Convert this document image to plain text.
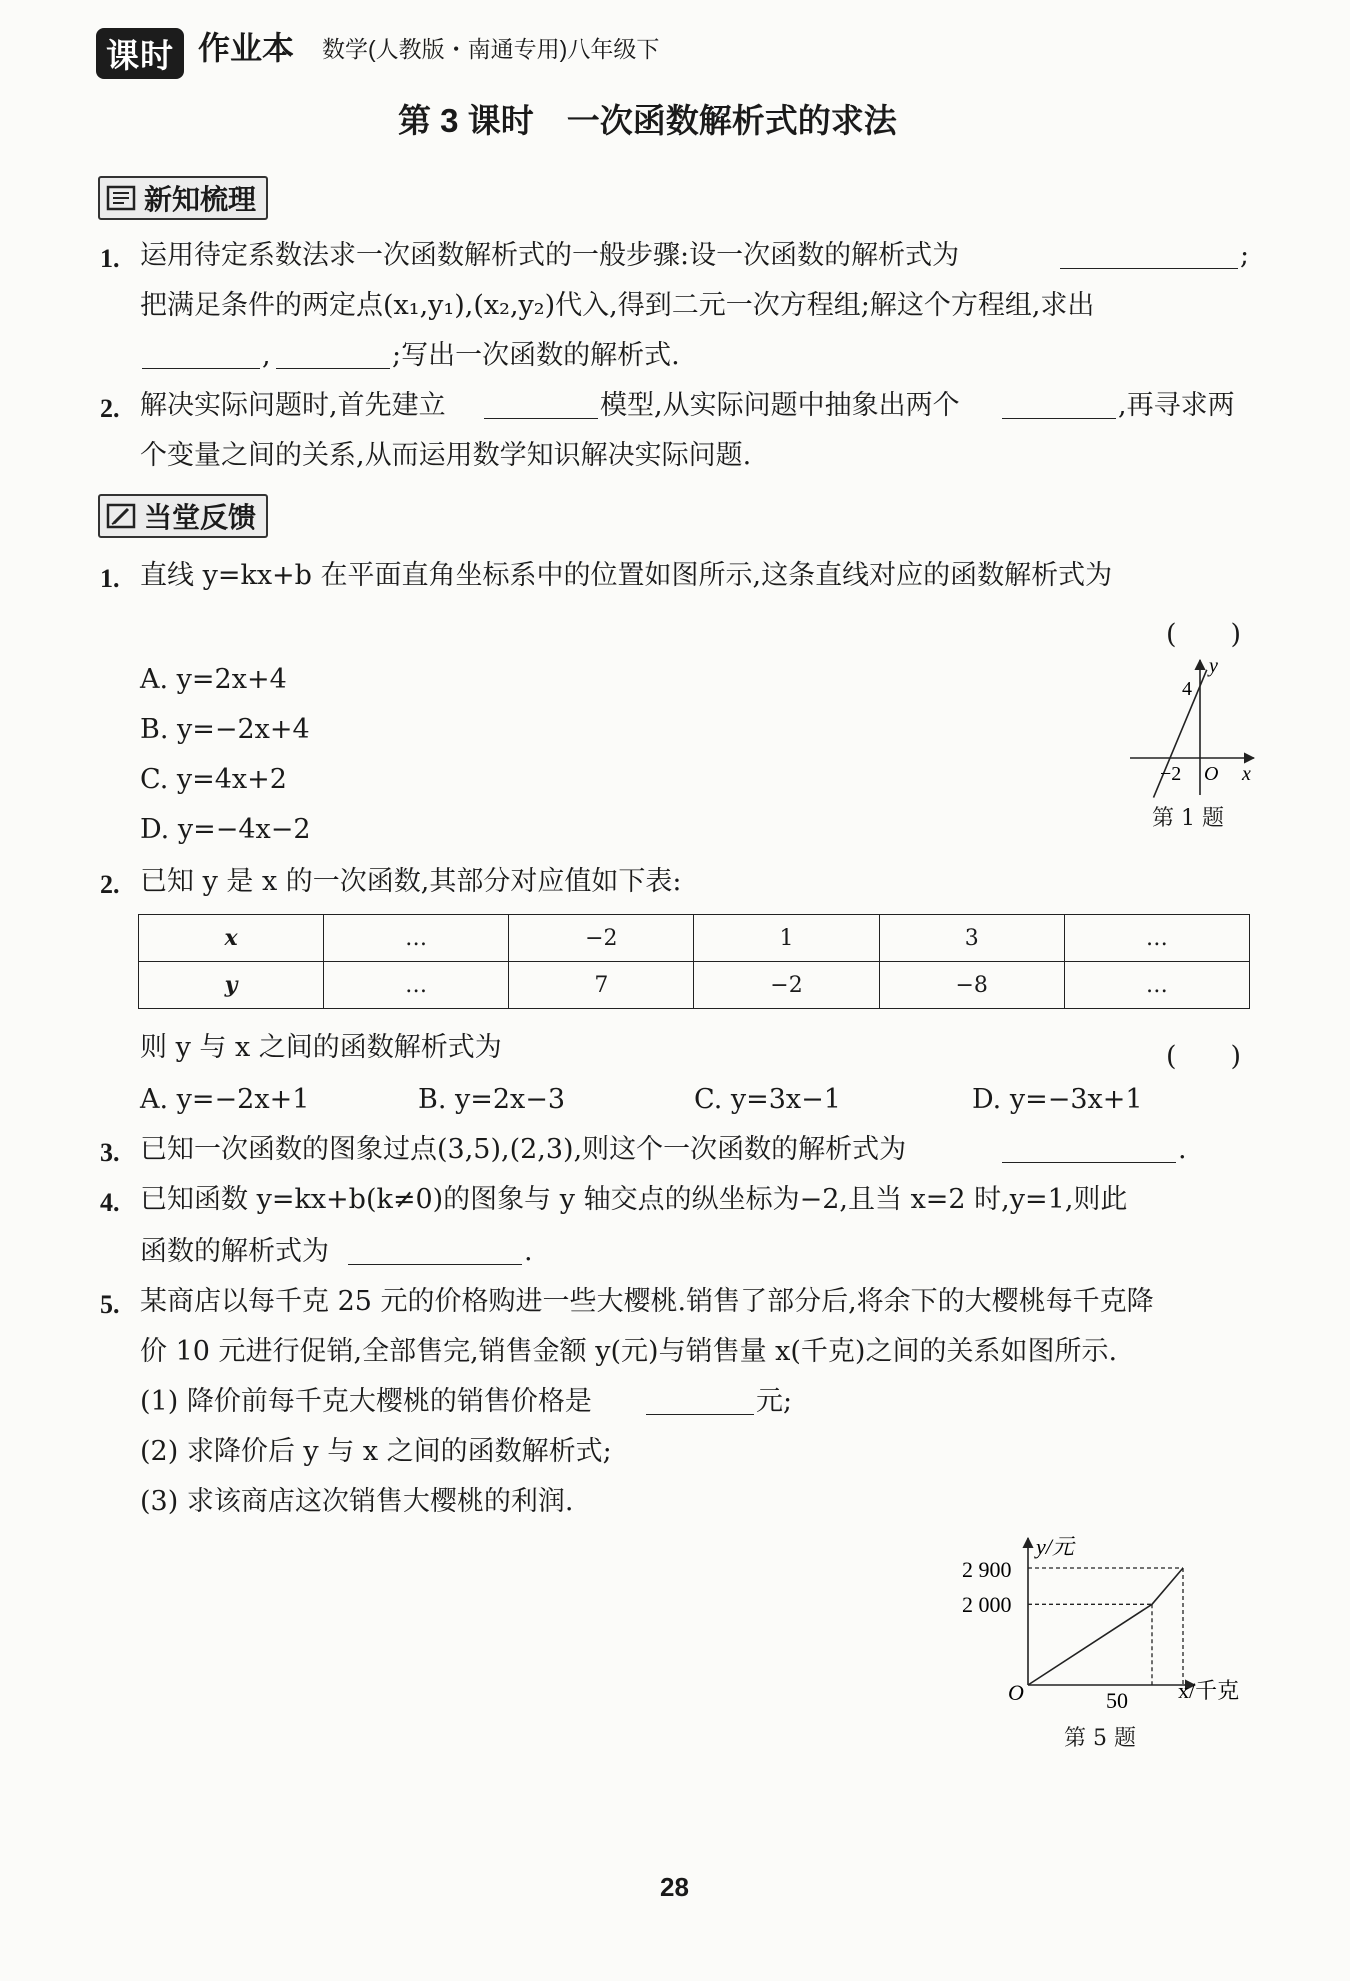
课时 作业本 数学(人教版・南通专用)八年级下
第 3 课时　一次函数解析式的求法
新知梳理
1. 运用待定系数法求一次函数解析式的一般步骤:设一次函数的解析式为	;
把满足条件的两定点(x₁,y₁),(x₂,y₂)代入,得到二元一次方程组;解这个方程组,求出
,	;写出一次函数的解析式.
2. 解决实际问题时,首先建立	模型,从实际问题中抽象出两个	,再寻求两
个变量之间的关系,从而运用数学知识解决实际问题.
当堂反馈
1. 直线 y=kx+b 在平面直角坐标系中的位置如图所示,这条直线对应的函数解析式为
(　　)
A. y=2x+4
B. y=−2x+4
C. y=4x+2
D. y=−4x−2
y
x
O
4
−2
第 1 题
2. 已知 y 是 x 的一次函数,其部分对应值如下表:
x	…	−2	1	3	…
y	…	7	−2	−8	…
则 y 与 x 之间的函数解析式为	(　　)
A. y=−2x+1	B. y=2x−3	C. y=3x−1	D. y=−3x+1
3. 已知一次函数的图象过点(3,5),(2,3),则这个一次函数的解析式为	.
4. 已知函数 y=kx+b(k≠0)的图象与 y 轴交点的纵坐标为−2,且当 x=2 时,y=1,则此
函数的解析式为	.
5. 某商店以每千克 25 元的价格购进一些大樱桃.销售了部分后,将余下的大樱桃每千克降
价 10 元进行促销,全部售完,销售金额 y(元)与销售量 x(千克)之间的关系如图所示.
(1) 降价前每千克大樱桃的销售价格是	元;
(2) 求降价后 y 与 x 之间的函数解析式;
(3) 求该商店这次销售大樱桃的利润.
y/元
x/千克
O
2 900
2 000
50
第 5 题
28
